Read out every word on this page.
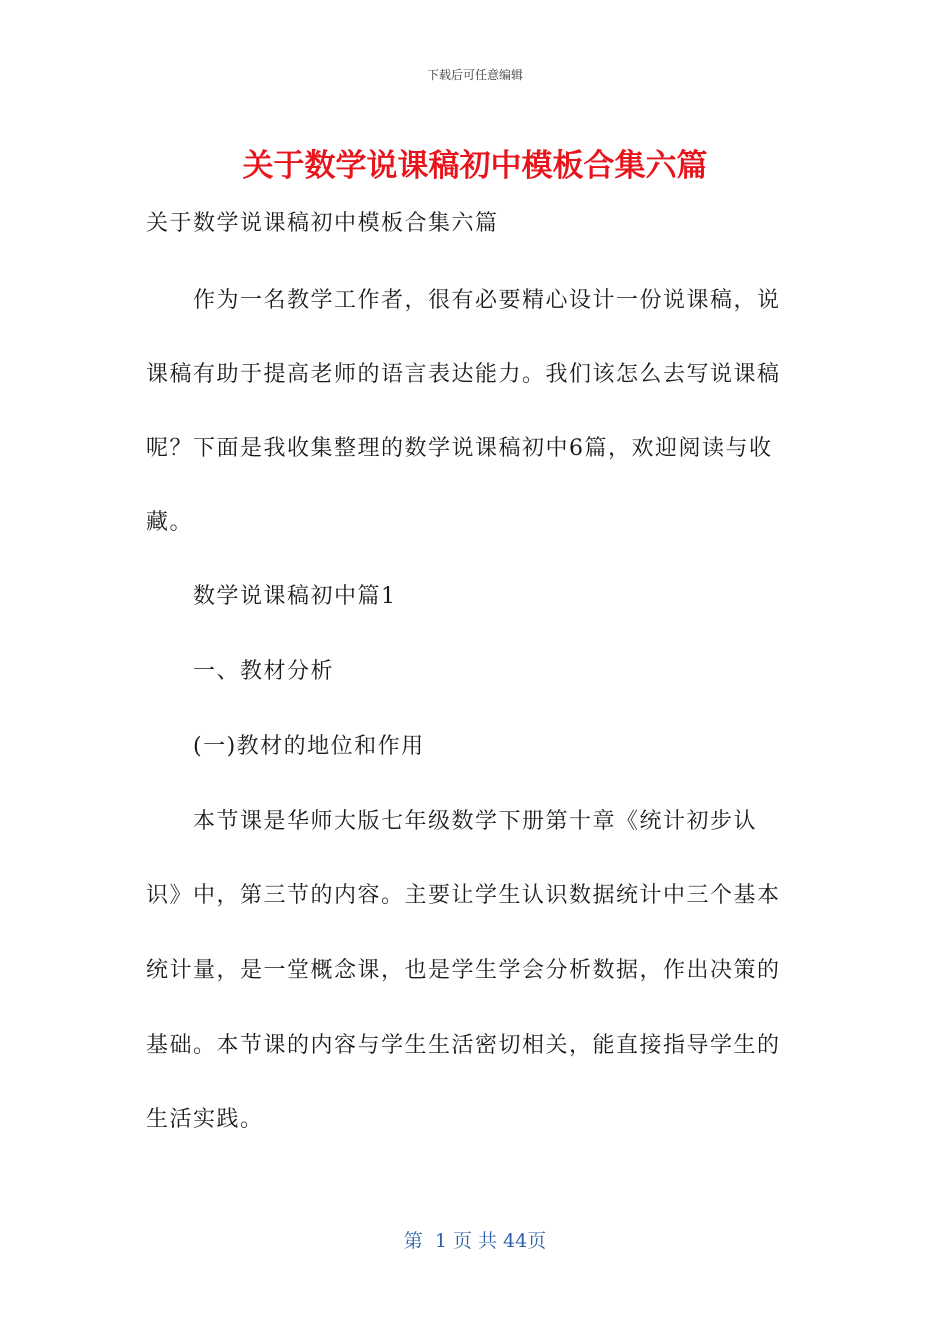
下载后可任意编辑
关于数学说课稿初中模板合集六篇
关于数学说课稿初中模板合集六篇
作为一名教学工作者，很有必要精心设计一份说课稿，说
课稿有助于提高老师的语言表达能力。我们该怎么去写说课稿
呢？下面是我收集整理的数学说课稿初中6篇，欢迎阅读与收
藏。
数学说课稿初中篇1
一、教材分析
(一)教材的地位和作用
本节课是华师大版七年级数学下册第十章《统计初步认
识》中，第三节的内容。主要让学生认识数据统计中三个基本
统计量，是一堂概念课，也是学生学会分析数据，作出决策的
基础。本节课的内容与学生生活密切相关，能直接指导学生的
生活实践。
第  1 页 共 44页
